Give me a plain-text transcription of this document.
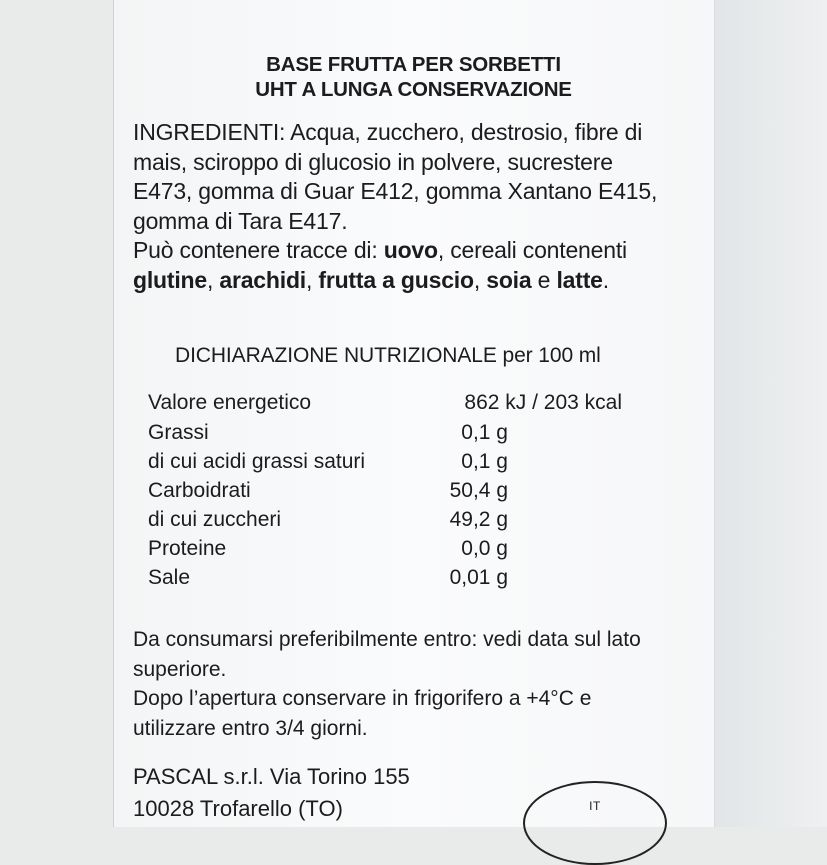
BASE FRUTTA PER SORBETTI
UHT A LUNGA CONSERVAZIONE
INGREDIENTI: Acqua, zucchero, destrosio, fibre di
mais, sciroppo di glucosio in polvere, sucrestere
E473, gomma di Guar E412, gomma Xantano E415,
gomma di Tara E417.
Può contenere tracce di: uovo, cereali contenenti
glutine, arachidi, frutta a guscio, soia e latte.
DICHIARAZIONE NUTRIZIONALE per 100 ml
Valore energetico	862 kJ / 203 kcal
Grassi	0,1 g
di cui acidi grassi saturi	0,1 g
Carboidrati	50,4 g
di cui zuccheri	49,2 g
Proteine	0,0 g
Sale	0,01 g
Da consumarsi preferibilmente entro: vedi data sul lato
superiore.
Dopo l’apertura conservare in frigorifero a +4°C e
utilizzare entro 3/4 giorni.
PASCAL s.r.l. Via Torino 155
10028 Trofarello (TO)	IT
